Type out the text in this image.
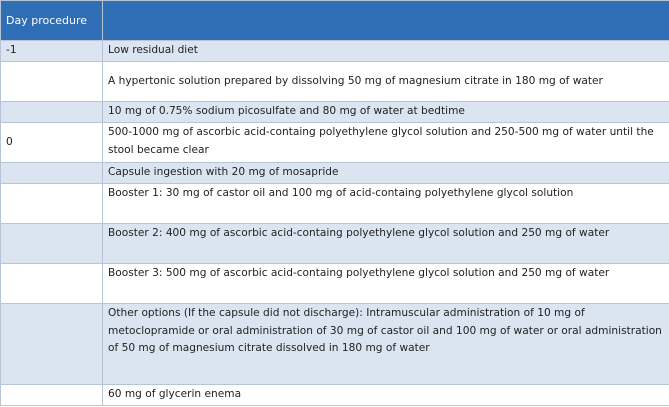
Day procedure	
-1	Low residual diet
	A hypertonic solution prepared by dissolving 50 mg of magnesium citrate in 180 mg of water
	10 mg of 0.75% sodium picosulfate and 80 mg of water at bedtime
0	500-1000 mg of ascorbic acid-containg polyethylene glycol solution and 250-500 mg of water until the stool became clear
	Capsule ingestion with 20 mg of mosapride
	Booster 1: 30 mg of castor oil and 100 mg of acid-containg polyethylene glycol solution
	Booster 2: 400 mg of ascorbic acid-containg polyethylene glycol solution and 250 mg of water
	Booster 3: 500 mg of ascorbic acid-containg polyethylene glycol solution and 250 mg of water
	Other options (If the capsule did not discharge): Intramuscular administration of 10 mg of metoclopramide or oral administration of 30 mg of castor oil and 100 mg of water or oral administration of 50 mg of magnesium citrate dissolved in 180 mg of water
	60 mg of glycerin enema
